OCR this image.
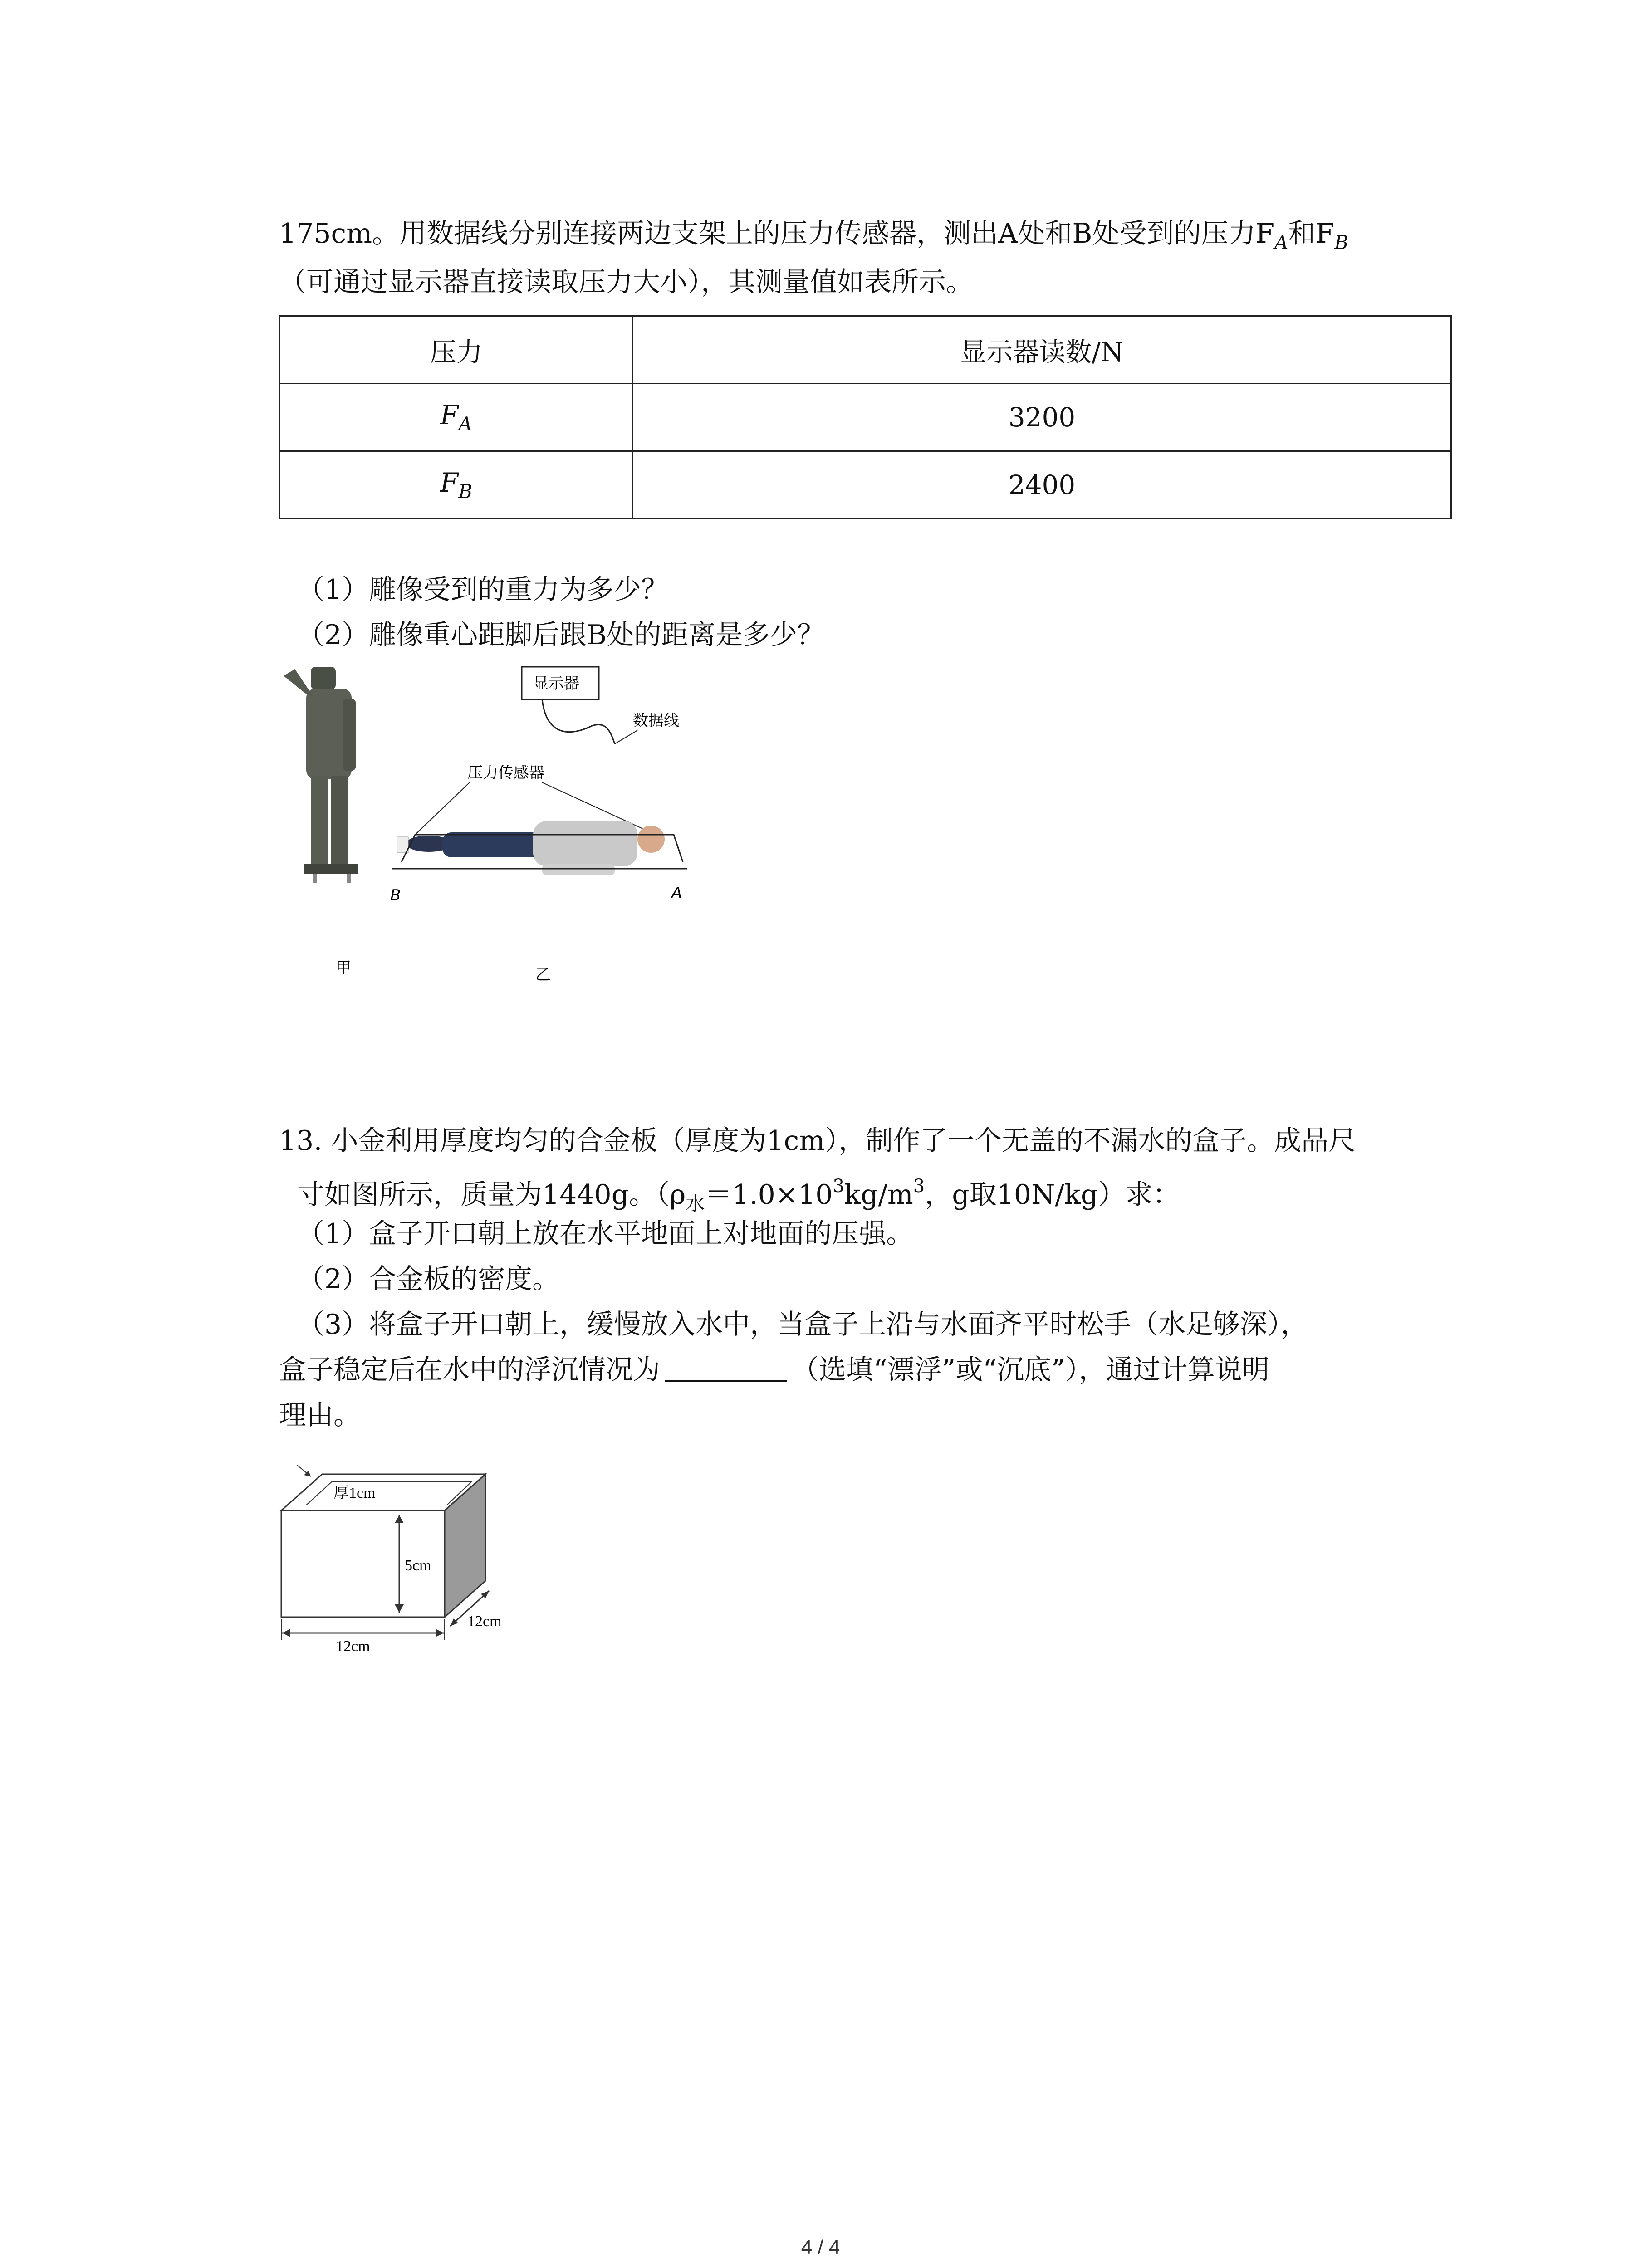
175cm。用数据线分别连接两边支架上的压力传感器，测出A处和B处受到的压力$F_A$和$F_B$
（可通过显示器直接读取压力大小），其测量值如表所示。
压力	显示器读数/N
$F_A$	3200
$F_B$	2400
（1）雕像受到的重力为多少？
（2）雕像重心距脚后跟B处的距离是多少？
B
甲
显示器
数据线
压力传感器
A
乙
13. 小金利用厚度均匀的合金板（厚度为1cm），制作了一个无盖的不漏水的盒子。成品尺
寸如图所示，质量为1440g。（$\rho_水=1.0\times 10^3kg/m^3$，g取10N/kg）求：
（1）盒子开口朝上放在水平地面上对地面的压强。
（2）合金板的密度。
（3）将盒子开口朝上，缓慢放入水中，当盒子上沿与水面齐平时松手（水足够深），
盒子稳定后在水中的浮沉情况为	（选填“漂浮”或“沉底”），通过计算说明
理由。
厚1cm
5cm
12cm
12cm
4 / 4
